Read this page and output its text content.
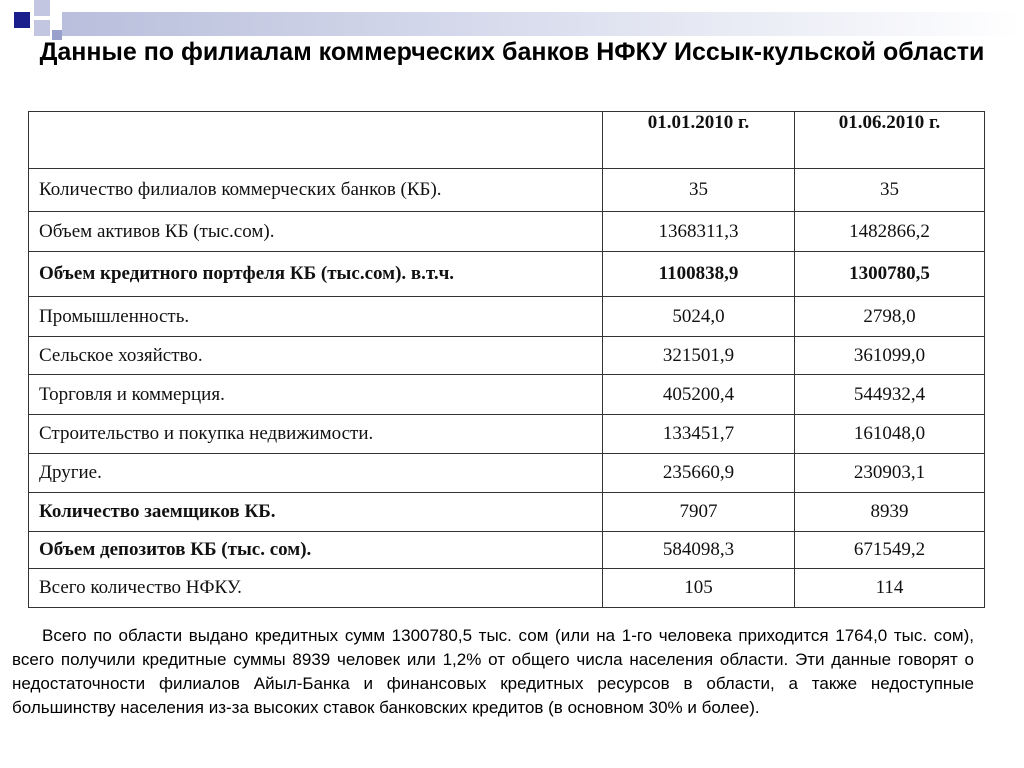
Данные по филиалам коммерческих банков НФКУ Иссык-кульской области
	01.01.2010 г.	01.06.2010 г.
Количество филиалов коммерческих банков (КБ).	35	35
Объем активов КБ (тыс.сом).	1368311,3	1482866,2
Объем кредитного портфеля КБ (тыс.сом). в.т.ч.	1100838,9	1300780,5
Промышленность.	5024,0	2798,0
Сельское хозяйство.	321501,9	361099,0
Торговля и коммерция.	405200,4	544932,4
Строительство и покупка недвижимости.	133451,7	161048,0
Другие.	235660,9	230903,1
Количество заемщиков КБ.	7907	8939
Объем депозитов КБ (тыс. сом).	584098,3	671549,2
Всего количество НФКУ.	105	114
Всего по области выдано кредитных сумм 1300780,5 тыс. сом (или на 1-го человека приходится 1764,0 тыс. сом), всего получили кредитные суммы 8939 человек или 1,2% от общего числа населения области. Эти данные говорят о недостаточности филиалов Айыл-Банка и финансовых кредитных ресурсов в области, а также недоступные большинству населения из-за высоких ставок банковских кредитов (в основном 30% и более).
